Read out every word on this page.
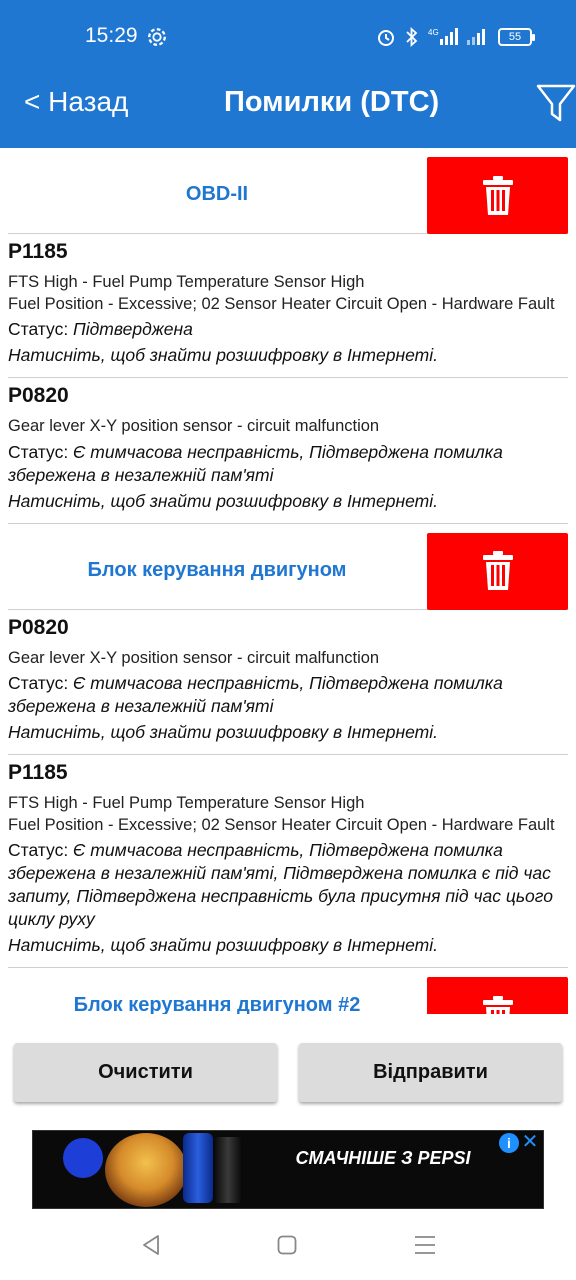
15:29	4G	55
< Назад	Помилки (DTC)
OBD-II
P1185
FTS High - Fuel Pump Temperature Sensor High
Fuel Position - Excessive; 02 Sensor Heater Circuit Open - Hardware Fault
Статус: Підтверджена
Натисніть, щоб знайти розшифровку в Інтернеті.
P0820
Gear lever X-Y position sensor - circuit malfunction
Статус: Є тимчасова несправність, Підтверджена помилка збережена в незалежній пам'яті
Натисніть, щоб знайти розшифровку в Інтернеті.
Блок керування двигуном
P0820
Gear lever X-Y position sensor - circuit malfunction
Статус: Є тимчасова несправність, Підтверджена помилка збережена в незалежній пам'яті
Натисніть, щоб знайти розшифровку в Інтернеті.
P1185
FTS High - Fuel Pump Temperature Sensor High
Fuel Position - Excessive; 02 Sensor Heater Circuit Open - Hardware Fault
Статус: Є тимчасова несправність, Підтверджена помилка збережена в незалежній пам'яті, Підтверджена помилка є під час запиту, Підтверджена несправність була присутня під час цього циклу руху
Натисніть, щоб знайти розшифровку в Інтернеті.
Блок керування двигуном #2
Очистити	Відправити
СМАЧНІШЕ З PEPSI
i ✕
